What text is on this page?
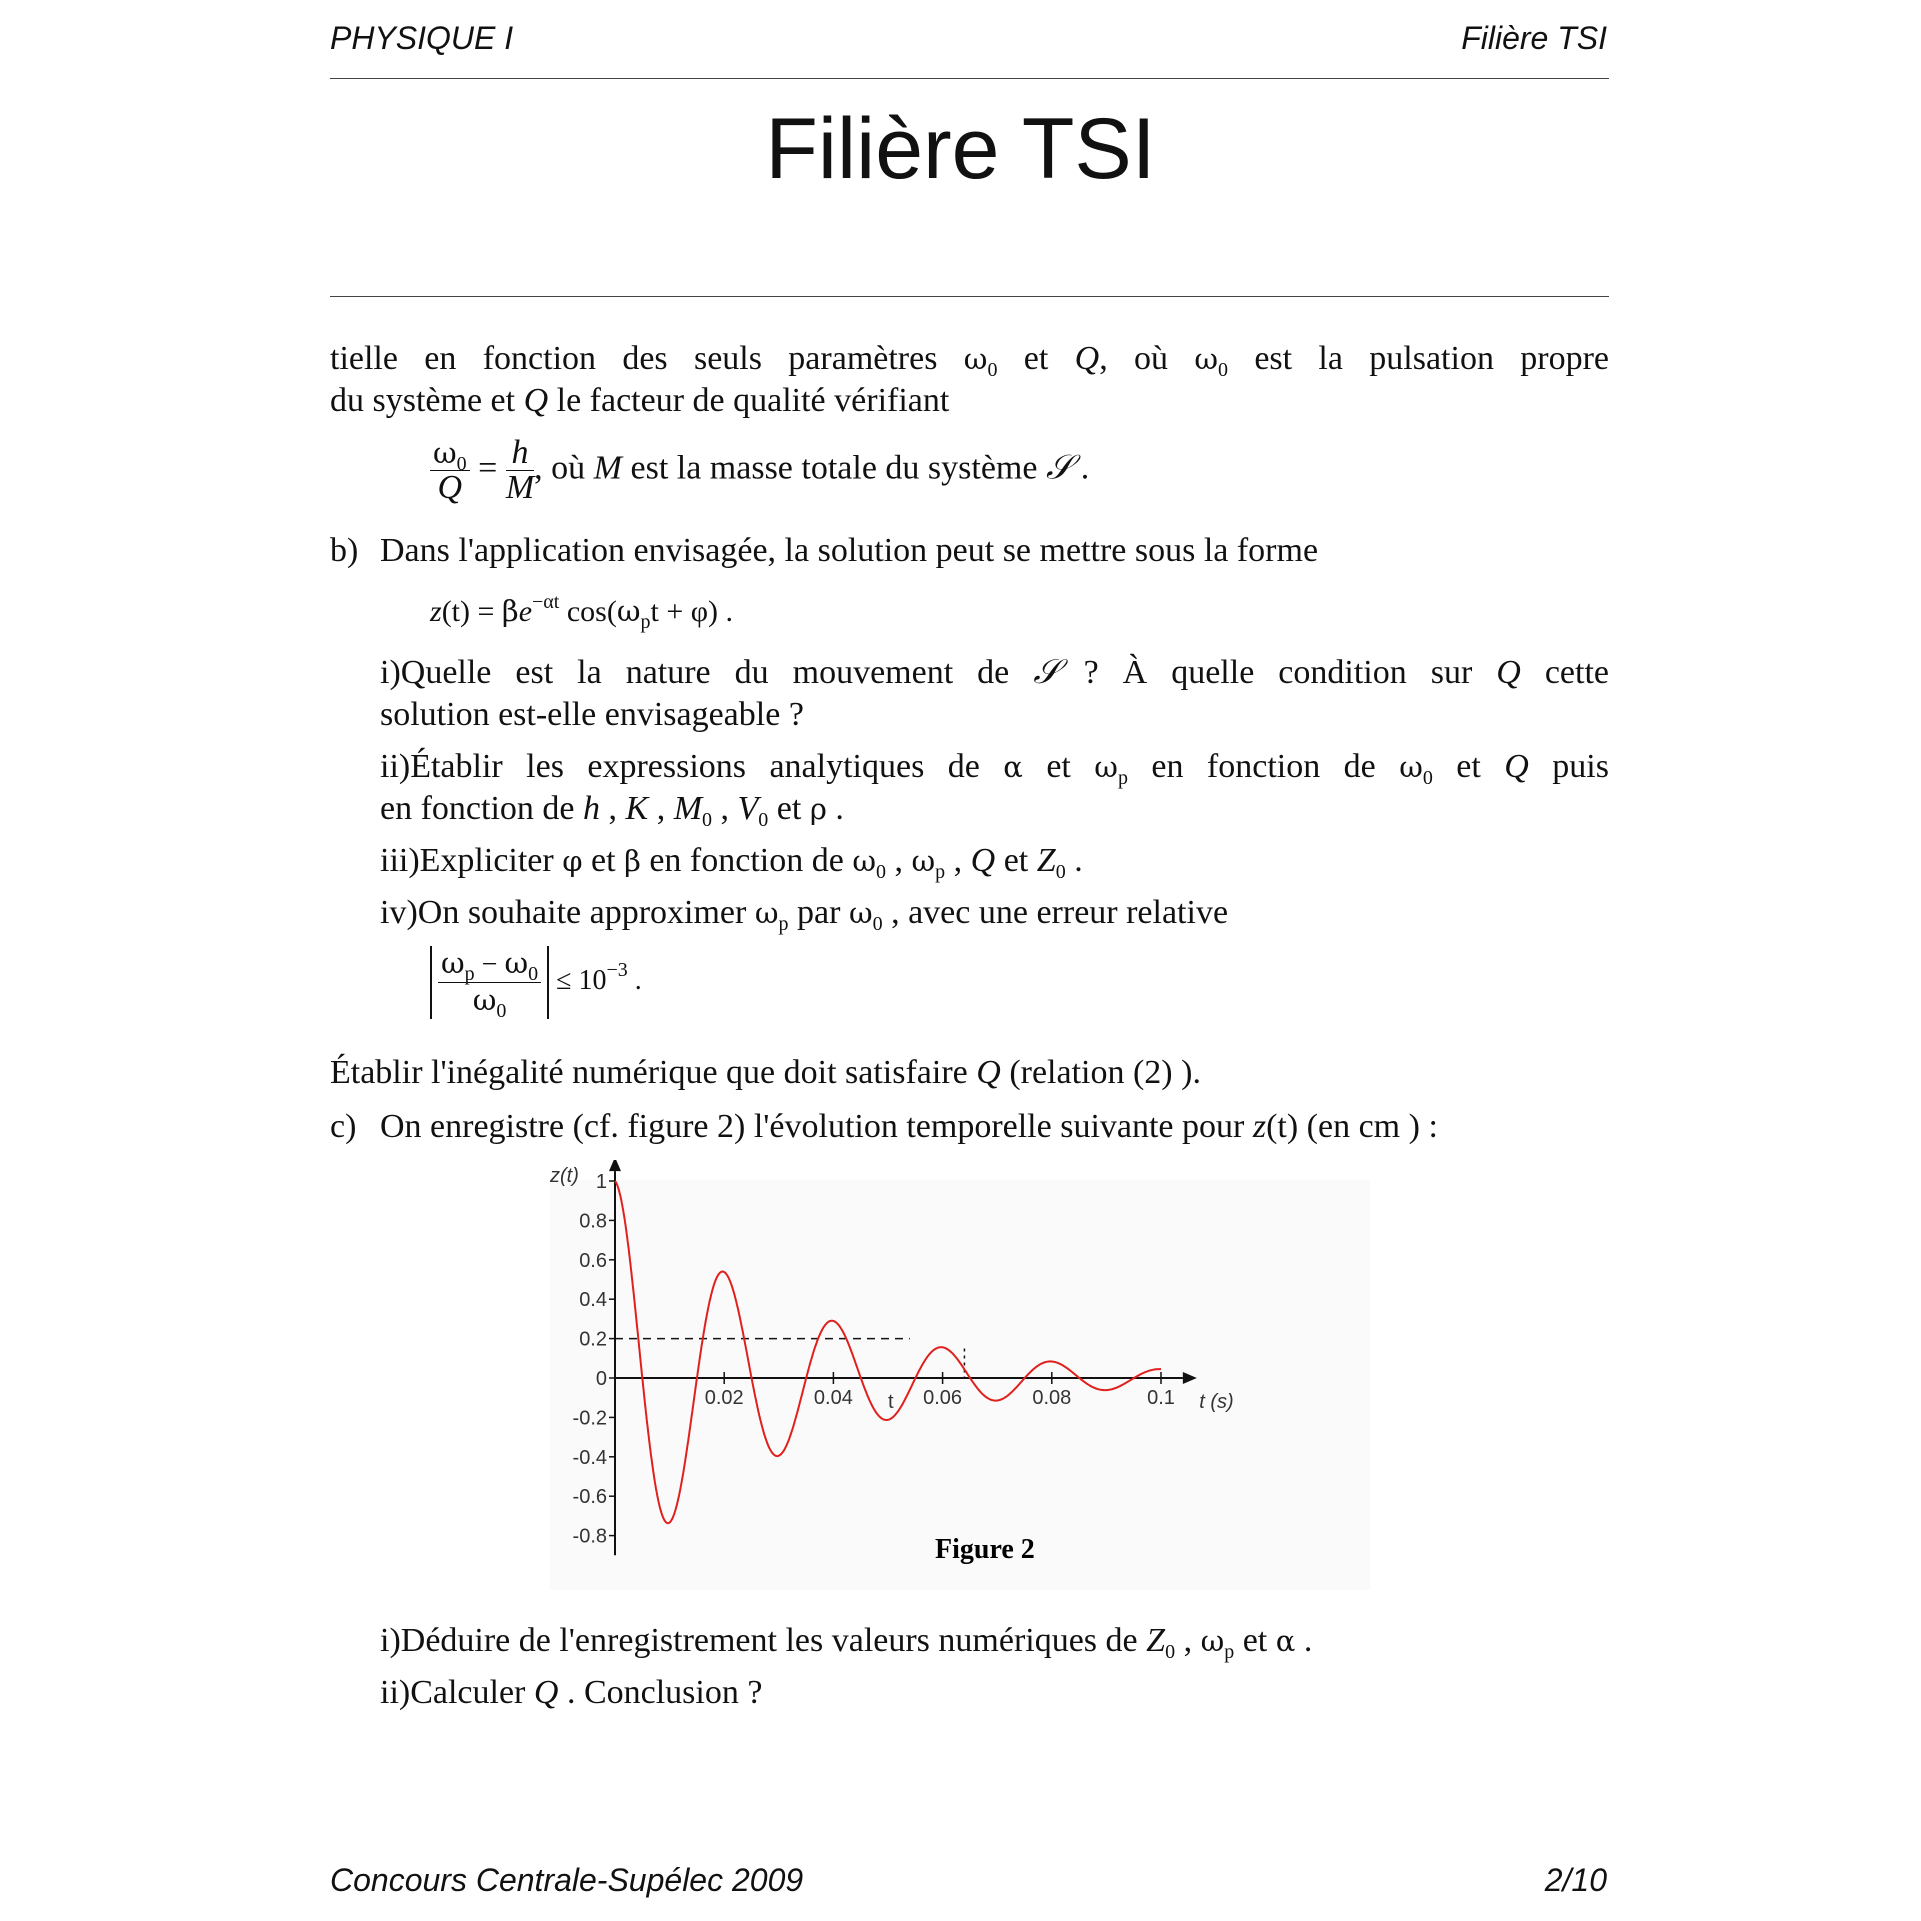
PHYSIQUE I	Filière TSI
Filière TSI
tielle en fonction des seuls paramètres $\omega_0$ et Q, où $\omega_0$ est la pulsation propre
du système et Q le facteur de qualité vérifiant
$\frac{\omega_0}{Q} = \frac{h}{M}$ , où M est la masse totale du système 𝒮 .
b) Dans l'application envisagée, la solution peut se mettre sous la forme
$z(t) = \beta e^{-\alpha t}$ $\cos(\omega_pt + \varphi)$ .
i)Quelle est la nature du mouvement de 𝒮 ? À quelle condition sur Q cette
solution est-elle envisageable ?
ii)Établir les expressions analytiques de α et $\omega_p$ en fonction de $\omega_0$ et Q puis
en fonction de h , K , $M_0$ , $V_0$ et ρ .
iii)Expliciter φ et β en fonction de $\omega_0$ , $\omega_p$ , Q et $Z_0$ .
iv)On souhaite approximer $\omega_p$ par $\omega_0$ , avec une erreur relative
$\frac{\omega_p - \omega_0}{\omega_0} \le 10^{-3}$ .
Établir l'inégalité numérique que doit satisfaire Q (relation (2) ).
c) On enregistre (cf. figure 2) l'évolution temporelle suivante pour z(t) (en cm ) :
i)Déduire de l'enregistrement les valeurs numériques de $Z_0$ , $\omega_p$ et α .
ii)Calculer Q . Conclusion ?
1
0.8
0.6
0.4
0.2
0
-0.2
-0.4
-0.6
-0.8
0.02	0.04	0.06	0.08	0.1
z(t)
t (s)
t
Figure 2
Concours Centrale-Supélec 2009	2/10
